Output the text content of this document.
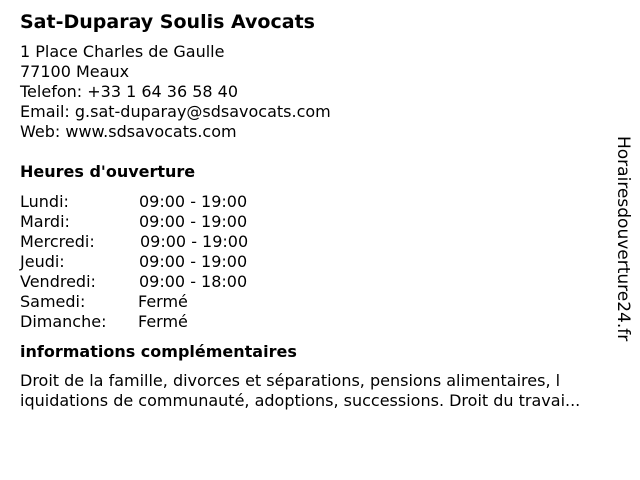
Sat-Duparay Soulis Avocats
1 Place Charles de Gaulle
77100 Meaux
Telefon: +33 1 64 36 58 40
Email: g.sat-duparay@sdsavocats.com
Web: www.sdsavocats.com
Heures d'ouverture
Lundi:	09:00 - 19:00
Mardi:	09:00 - 19:00
Mercredi:	09:00 - 19:00
Jeudi:	09:00 - 19:00
Vendredi:	09:00 - 18:00
Samedi:	Fermé
Dimanche:	Fermé
informations complémentaires
Droit de la famille, divorces et séparations, pensions alimentaires, l
iquidations de communauté, adoptions, successions. Droit du travai...
Horairesdouverture24.fr
